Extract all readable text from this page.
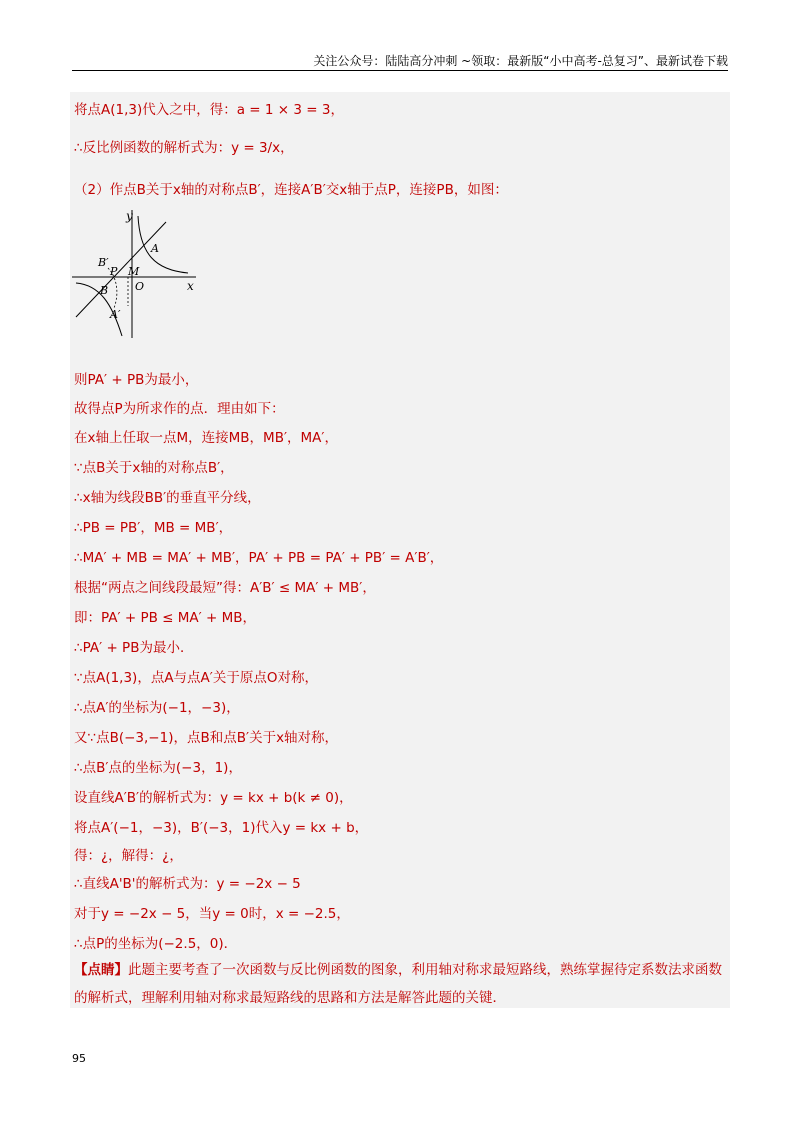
关注公众号：陆陆高分冲刺 ~领取：最新版“小中高考-总复习”、最新试卷下载
将点A(1,3)代入之中，得：a = 1 × 3 = 3，
∴反比例函数的解析式为：y = 3/x，
（2）作点B关于x轴的对称点B′，连接A′B′交x轴于点P，连接PB，如图：
y
x
A
B′
P M
O
B
A′
则PA′ + PB为最小，
故得点P为所求作的点．理由如下：
在x轴上任取一点M，连接MB，MB′，MA′，
∵点B关于x轴的对称点B′，
∴x轴为线段BB′的垂直平分线，
∴PB = PB′，MB = MB′，
∴MA′ + MB = MA′ + MB′，PA′ + PB = PA′ + PB′ = A′B′，
根据“两点之间线段最短”得：A′B′ ≤ MA′ + MB′，
即：PA′ + PB ≤ MA′ + MB，
∴PA′ + PB为最小．
∵点A(1,3)，点A与点A′关于原点O对称，
∴点A′的坐标为(−1，−3)，
又∵点B(−3,−1)，点B和点B′关于x轴对称，
∴点B′点的坐标为(−3，1)，
设直线A′B′的解析式为：y = kx + b(k ≠ 0)，
将点A′(−1，−3)，B′(−3，1)代入y = kx + b，
得：¿，解得：¿，
∴直线A'B'的解析式为：y = −2x − 5
对于y = −2x − 5，当y = 0时，x = −2.5，
∴点P的坐标为(−2.5，0)．
【点睛】此题主要考查了一次函数与反比例函数的图象，利用轴对称求最短路线，熟练掌握待定系数法求函数的解析式，理解利用轴对称求最短路线的思路和方法是解答此题的关键．
95
